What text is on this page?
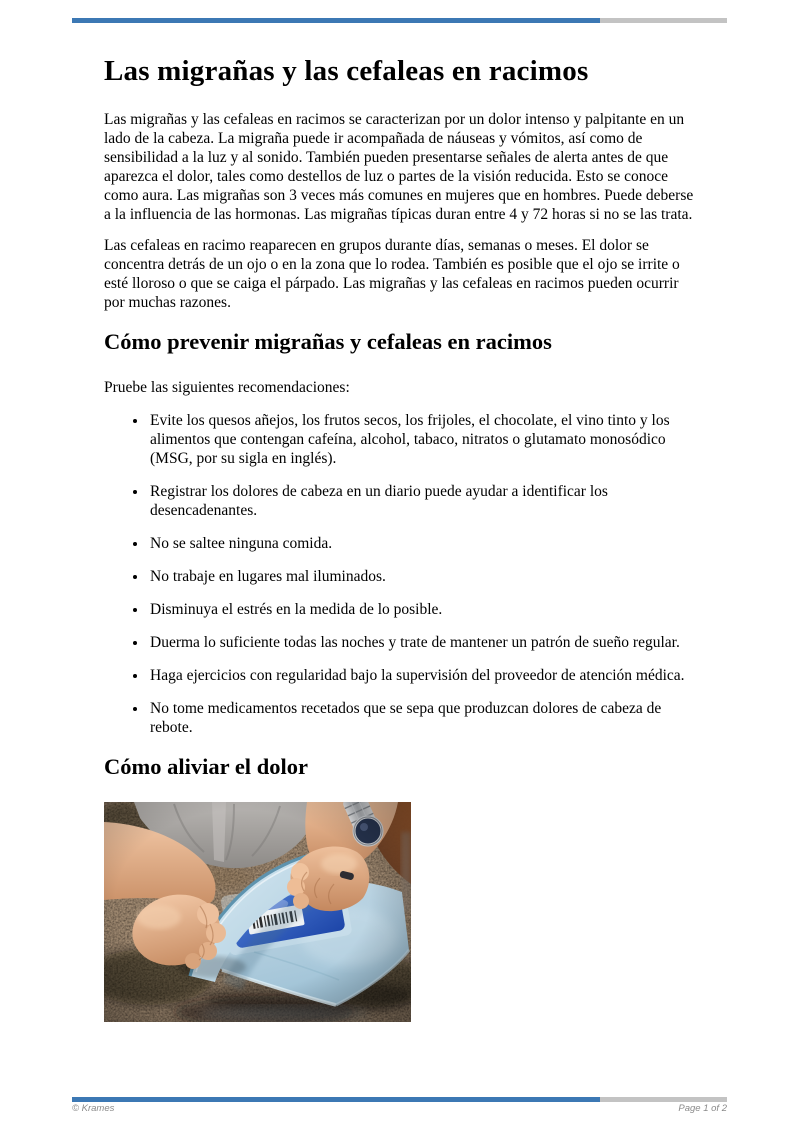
Las migrañas y las cefaleas en racimos

Las migrañas y las cefaleas en racimos se caracterizan por un dolor intenso y palpitante en un lado de la cabeza. La migraña puede ir acompañada de náuseas y vómitos, así como de sensibilidad a la luz y al sonido. También pueden presentarse señales de alerta antes de que aparezca el dolor, tales como destellos de luz o partes de la visión reducida. Esto se conoce como aura. Las migrañas son 3 veces más comunes en mujeres que en hombres. Puede deberse a la influencia de las hormonas. Las migrañas típicas duran entre 4 y 72 horas si no se las trata.

Las cefaleas en racimo reaparecen en grupos durante días, semanas o meses. El dolor se concentra detrás de un ojo o en la zona que lo rodea. También es posible que el ojo se irrite o esté lloroso o que se caiga el párpado. Las migrañas y las cefaleas en racimos pueden ocurrir por muchas razones.

Cómo prevenir migrañas y cefaleas en racimos

Pruebe las siguientes recomendaciones:

• Evite los quesos añejos, los frutos secos, los frijoles, el chocolate, el vino tinto y los alimentos que contengan cafeína, alcohol, tabaco, nitratos o glutamato monosódico (MSG, por su sigla en inglés).
• Registrar los dolores de cabeza en un diario puede ayudar a identificar los desencadenantes.
• No se saltee ninguna comida.
• No trabaje en lugares mal iluminados.
• Disminuya el estrés en la medida de lo posible.
• Duerma lo suficiente todas las noches y trate de mantener un patrón de sueño regular.
• Haga ejercicios con regularidad bajo la supervisión del proveedor de atención médica.
• No tome medicamentos recetados que se sepa que produzcan dolores de cabeza de rebote.
Cómo aliviar el dolor
© Krames	Page 1 of 2
